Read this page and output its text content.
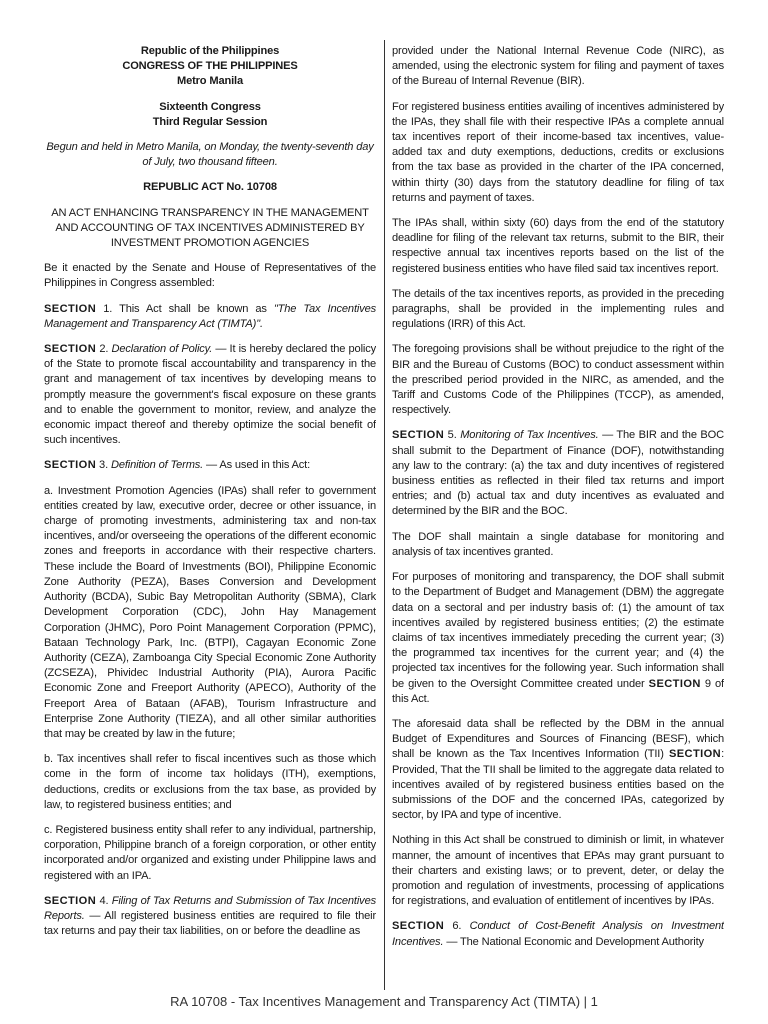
Republic of the Philippines
CONGRESS OF THE PHILIPPINES
Metro Manila
Sixteenth Congress
Third Regular Session

Begun and held in Metro Manila, on Monday, the twenty-seventh day of July, two thousand fifteen.

REPUBLIC ACT No. 10708

AN ACT ENHANCING TRANSPARENCY IN THE MANAGEMENT AND ACCOUNTING OF TAX INCENTIVES ADMINISTERED BY INVESTMENT PROMOTION AGENCIES

Be it enacted by the Senate and House of Representatives of the Philippines in Congress assembled:

SECTION 1. This Act shall be known as "The Tax Incentives Management and Transparency Act (TIMTA)".

SECTION 2. Declaration of Policy. — It is hereby declared the policy of the State to promote fiscal accountability and transparency in the grant and management of tax incentives by developing means to promptly measure the government's fiscal exposure on these grants and to enable the government to monitor, review, and analyze the economic impact thereof and thereby optimize the social benefit of such incentives.

SECTION 3. Definition of Terms. — As used in this Act:

a. Investment Promotion Agencies (IPAs) shall refer to government entities created by law, executive order, decree or other issuance, in charge of promoting investments, administering tax and non-tax incentives, and/or overseeing the operations of the different economic zones and freeports in accordance with their respective charters. These include the Board of Investments (BOI), Philippine Economic Zone Authority (PEZA), Bases Conversion and Development Authority (BCDA), Subic Bay Metropolitan Authority (SBMA), Clark Development Corporation (CDC), John Hay Management Corporation (JHMC), Poro Point Management Corporation (PPMC), Bataan Technology Park, Inc. (BTPI), Cagayan Economic Zone Authority (CEZA), Zamboanga City Special Economic Zone Authority (ZCSEZA), Phividec Industrial Authority (PIA), Aurora Pacific Economic Zone and Freeport Authority (APECO), Authority of the Freeport Area of Bataan (AFAB), Tourism Infrastructure and Enterprise Zone Authority (TIEZA), and all other similar authorities that may be created by law in the future;

b. Tax incentives shall refer to fiscal incentives such as those which come in the form of income tax holidays (ITH), exemptions, deductions, credits or exclusions from the tax base, as provided by law, to registered business entities; and

c. Registered business entity shall refer to any individual, partnership, corporation, Philippine branch of a foreign corporation, or other entity incorporated and/or organized and existing under Philippine laws and registered with an IPA.

SECTION 4. Filing of Tax Returns and Submission of Tax Incentives Reports. — All registered business entities are required to file their tax returns and pay their tax liabilities, on or before the deadline as

provided under the National Internal Revenue Code (NIRC), as amended, using the electronic system for filing and payment of taxes of the Bureau of Internal Revenue (BIR).

For registered business entities availing of incentives administered by the IPAs, they shall file with their respective IPAs a complete annual tax incentives report of their income-based tax incentives, value-added tax and duty exemptions, deductions, credits or exclusions from the tax base as provided in the charter of the IPA concerned, within thirty (30) days from the statutory deadline for filing of tax returns and payment of taxes.

The IPAs shall, within sixty (60) days from the end of the statutory deadline for filing of the relevant tax returns, submit to the BIR, their respective annual tax incentives reports based on the list of the registered business entities who have filed said tax incentives report.

The details of the tax incentives reports, as provided in the preceding paragraphs, shall be provided in the implementing rules and regulations (IRR) of this Act.

The foregoing provisions shall be without prejudice to the right of the BIR and the Bureau of Customs (BOC) to conduct assessment within the prescribed period provided in the NIRC, as amended, and the Tariff and Customs Code of the Philippines (TCCP), as amended, respectively.

SECTION 5. Monitoring of Tax Incentives. — The BIR and the BOC shall submit to the Department of Finance (DOF), notwithstanding any law to the contrary: (a) the tax and duty incentives of registered business entities as reflected in their filed tax returns and import entries; and (b) actual tax and duty incentives as evaluated and determined by the BIR and the BOC.

The DOF shall maintain a single database for monitoring and analysis of tax incentives granted.

For purposes of monitoring and transparency, the DOF shall submit to the Department of Budget and Management (DBM) the aggregate data on a sectoral and per industry basis of: (1) the amount of tax incentives availed by registered business entities; (2) the estimate claims of tax incentives immediately preceding the current year; (3) the programmed tax incentives for the current year; and (4) the projected tax incentives for the following year. Such information shall be given to the Oversight Committee created under SECTION 9 of this Act.

The aforesaid data shall be reflected by the DBM in the annual Budget of Expenditures and Sources of Financing (BESF), which shall be known as the Tax Incentives Information (TII) SECTION: Provided, That the TII shall be limited to the aggregate data related to incentives availed of by registered business entities based on the submissions of the DOF and the concerned IPAs, categorized by sector, by IPA and type of incentive.

Nothing in this Act shall be construed to diminish or limit, in whatever manner, the amount of incentives that EPAs may grant pursuant to their charters and existing laws; or to prevent, deter, or delay the promotion and regulation of investments, processing of applications for registrations, and evaluation of entitlement of incentives by IPAs.

SECTION 6. Conduct of Cost-Benefit Analysis on Investment Incentives. — The National Economic and Development Authority

RA 10708 - Tax Incentives Management and Transparency Act (TIMTA) | 1
